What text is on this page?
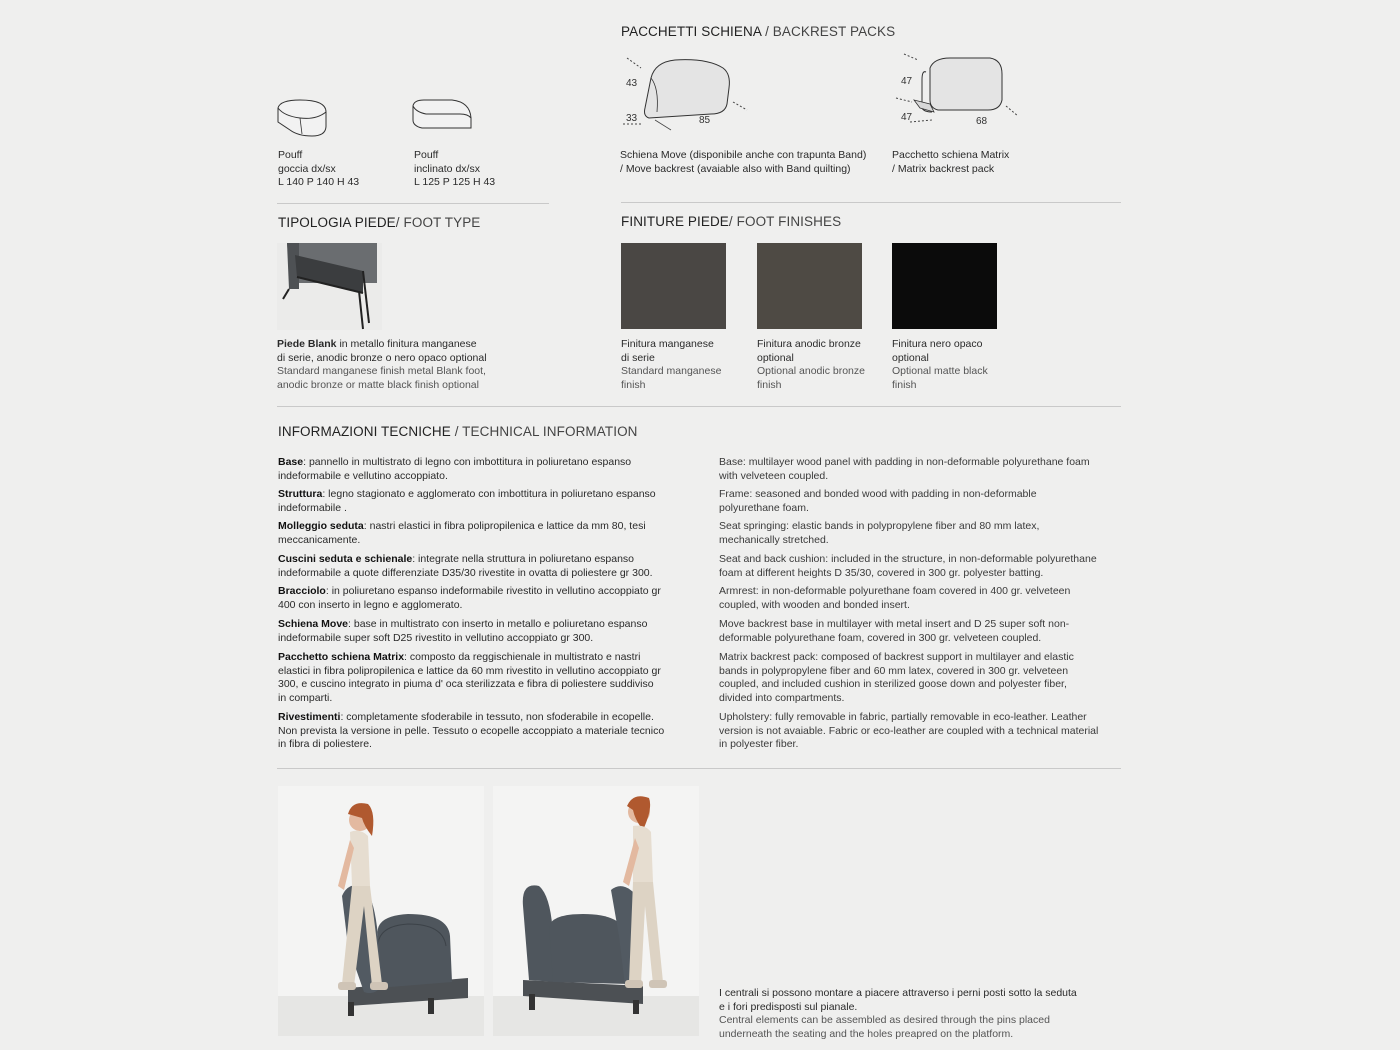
Pouff
goccia dx/sx
L 140 P 140 H 43
Pouff
inclinato dx/sx
L 125 P 125 H 43
PACCHETTI SCHIENA / BACKREST PACKS
43
33	85
47
47	68
Schiena Move (disponibile anche con trapunta Band)
/ Move backrest (avaiable also with Band quilting)
Pacchetto schiena Matrix
/ Matrix backrest pack
TIPOLOGIA PIEDE/ FOOT TYPE
Piede Blank in metallo finitura manganese
di serie, anodic bronze o nero opaco optional
Standard manganese finish metal Blank foot,
anodic bronze or matte black finish optional
FINITURE PIEDE/ FOOT FINISHES
Finitura manganese
di serie
Standard manganese
finish
Finitura anodic bronze
optional
Optional anodic bronze
finish
Finitura nero opaco
optional
Optional matte black
finish
INFORMAZIONI TECNICHE / TECHNICAL INFORMATION
Base: pannello in multistrato di legno con imbottitura in poliuretano espanso indeformabile e vellutino accoppiato.
Struttura: legno stagionato e agglomerato con imbottitura in poliuretano espanso indeformabile .
Molleggio seduta: nastri elastici in fibra polipropilenica e lattice da mm 80, tesi meccanicamente.
Cuscini seduta e schienale: integrate nella struttura in poliuretano espanso indeformabile a quote differenziate D35/30 rivestite in ovatta di poliestere gr 300.
Bracciolo: in poliuretano espanso indeformabile rivestito in vellutino accoppiato gr 400 con inserto in legno e agglomerato.
Schiena Move: base in multistrato con inserto in metallo e poliuretano espanso indeformabile super soft D25 rivestito in vellutino accoppiato gr 300.
Pacchetto schiena Matrix: composto da reggischienale in multistrato e nastri elastici in fibra polipropilenica e lattice da 60 mm rivestito in vellutino accoppiato gr 300, e cuscino integrato in piuma d' oca sterilizzata e fibra di poliestere suddiviso in comparti.
Rivestimenti: completamente sfoderabile in tessuto, non sfoderabile in ecopelle. Non prevista la versione in pelle. Tessuto o ecopelle accoppiato a materiale tecnico in fibra di poliestere.
Base: multilayer wood panel with padding in non-deformable polyurethane foam with velveteen coupled.
Frame: seasoned and bonded wood with padding in non-deformable polyurethane foam.
Seat springing: elastic bands in polypropylene fiber and 80 mm latex, mechanically stretched.
Seat and back cushion: included in the structure, in non-deformable polyurethane foam at different heights D 35/30, covered in 300 gr. polyester batting.
Armrest: in non-deformable polyurethane foam covered in 400 gr. velveteen coupled, with wooden and bonded insert.
Move backrest base in multilayer with metal insert and D 25 super soft non-deformable polyurethane foam, covered in 300 gr. velveteen coupled.
Matrix backrest pack: composed of backrest support in multilayer and elastic bands in polypropylene fiber and 60 mm latex, covered in 300 gr. velveteen coupled, and included cushion in sterilized goose down and polyester fiber, divided into compartments.
Upholstery: fully removable in fabric, partially removable in eco-leather. Leather version is not avaiable. Fabric or eco-leather are coupled with a technical material in polyester fiber.
I centrali si possono montare a piacere attraverso i perni posti sotto la seduta
e i fori predisposti sul pianale.
Central elements can be assembled as desired through the pins placed
underneath the seating and the holes preapred on the platform.
